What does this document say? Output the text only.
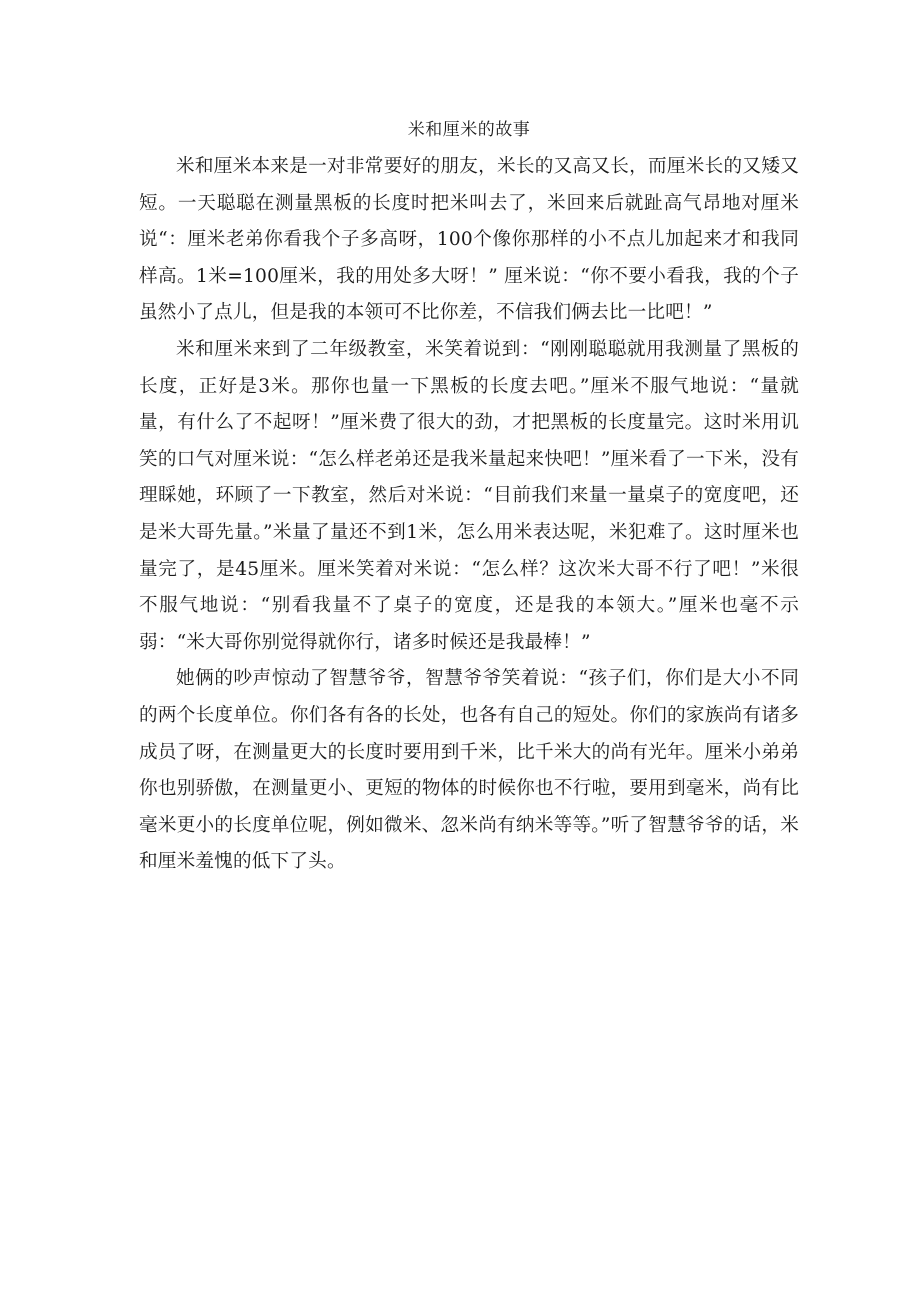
米和厘米的故事

米和厘米本来是一对非常要好的朋友，米长的又高又长，而厘米长的又矮又短。一天聪聪在测量黑板的长度时把米叫去了，米回来后就趾高气昂地对厘米说“：厘米老弟你看我个子多高呀，100个像你那样的小不点儿加起来才和我同样高。1米=100厘米，我的用处多大呀！” 厘米说：“你不要小看我，我的个子虽然小了点儿，但是我的本领可不比你差，不信我们俩去比一比吧！”

米和厘米来到了二年级教室，米笑着说到：“刚刚聪聪就用我测量了黑板的长度，正好是3米。那你也量一下黑板的长度去吧。”厘米不服气地说：“量就量，有什么了不起呀！”厘米费了很大的劲，才把黑板的长度量完。这时米用讥笑的口气对厘米说：“怎么样老弟还是我米量起来快吧！”厘米看了一下米，没有理睬她，环顾了一下教室，然后对米说：“目前我们来量一量桌子的宽度吧，还是米大哥先量。”米量了量还不到1米，怎么用米表达呢，米犯难了。这时厘米也量完了，是45厘米。厘米笑着对米说：“怎么样？这次米大哥不行了吧！”米很不服气地说：“别看我量不了桌子的宽度，还是我的本领大。”厘米也毫不示弱：“米大哥你别觉得就你行，诸多时候还是我最棒！”

她俩的吵声惊动了智慧爷爷，智慧爷爷笑着说：“孩子们，你们是大小不同的两个长度单位。你们各有各的长处，也各有自己的短处。你们的家族尚有诸多成员了呀，在测量更大的长度时要用到千米，比千米大的尚有光年。厘米小弟弟你也别骄傲，在测量更小、更短的物体的时候你也不行啦，要用到毫米，尚有比毫米更小的长度单位呢，例如微米、忽米尚有纳米等等。”听了智慧爷爷的话，米和厘米羞愧的低下了头。
